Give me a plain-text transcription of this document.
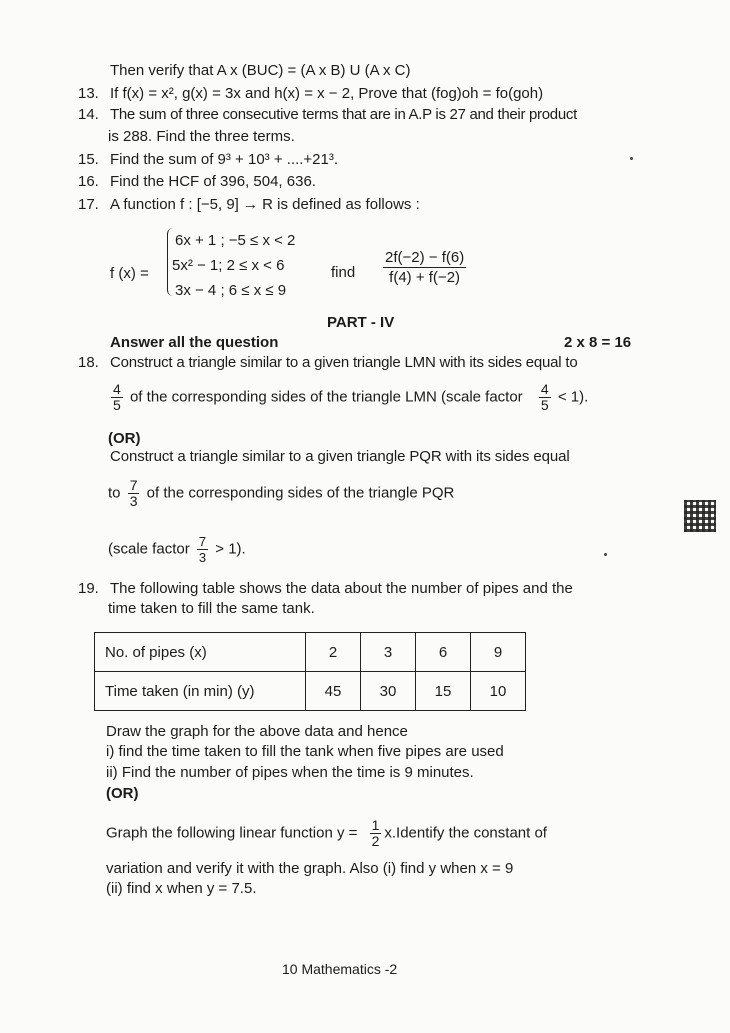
Then verify that A x (BUC) = (A x B) U (A x C)
13. If f(x) = x², g(x) = 3x and h(x) = x − 2, Prove that (fog)oh = fo(goh)
14. The sum of three consecutive terms that are in A.P is 27 and their product
is 288. Find the three terms.
15. Find the sum of 9³ + 10³ + ....+21³.
16. Find the HCF of 396, 504, 636.
17. A function f : [−5, 9] → R is defined as follows :
f (x) =
6x + 1 ; −5 ≤ x < 2
5x² − 1; 2 ≤ x < 6
3x − 4 ; 6 ≤ x ≤ 9
find $\frac{2f(-2) - f(6)}{f(4) + f(-2)}$
PART - IV
Answer all the question	2 x 8 = 16
18. Construct a triangle similar to a given triangle LMN with its sides equal to
$\frac{4}{5}$ of the corresponding sides of the triangle LMN (scale factor $\frac{4}{5} < 1$).
(OR)
Construct a triangle similar to a given triangle PQR with its sides equal
to $\frac{7}{3}$ of the corresponding sides of the triangle PQR
(scale factor $\frac{7}{3} > 1$).
19. The following table shows the data about the number of pipes and the
time taken to fill the same tank.
No. of pipes (x)	2	3	6	9
Time taken (in min) (y)	45	30	15	10
Draw the graph for the above data and hence
i) find the time taken to fill the tank when five pipes are used
ii) Find the number of pipes when the time is 9 minutes.
(OR)
Graph the following linear function $y = \frac{1}{2}$ x.Identify the constant of
variation and verify it with the graph. Also (i) find y when x = 9
(ii) find x when y = 7.5.
10 Mathematics -2
